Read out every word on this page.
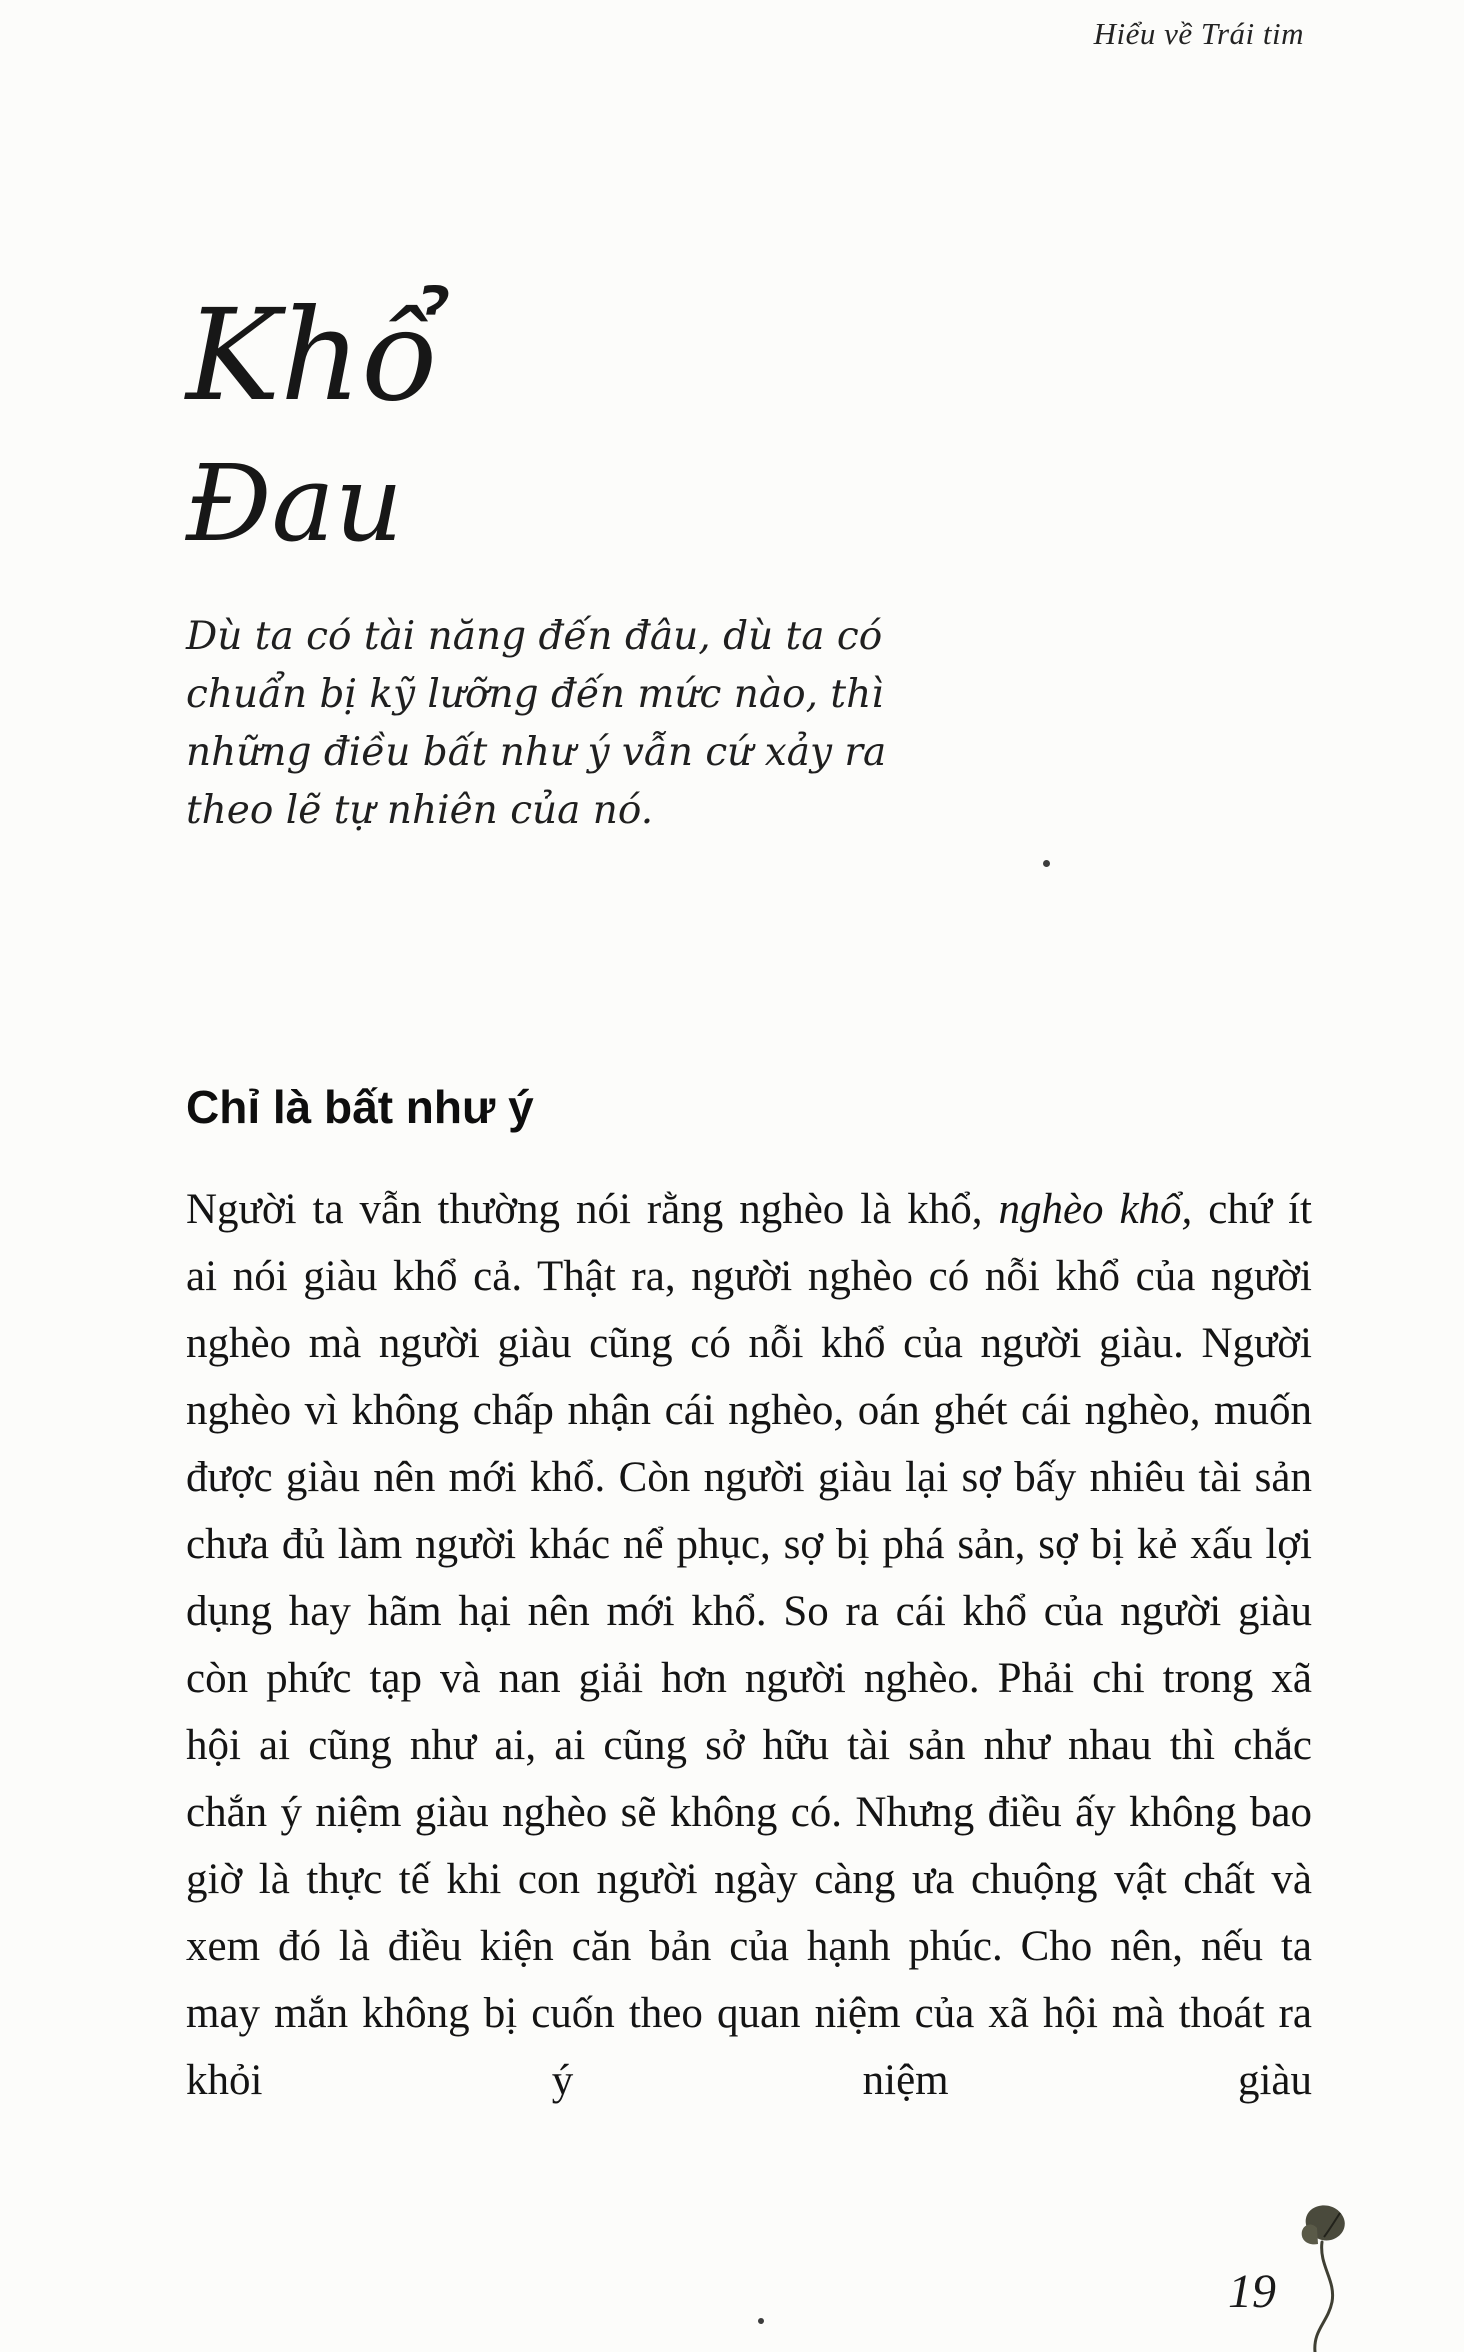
Hiểu về Trái tim
Khổ
Đau
Dù ta có tài năng đến đâu, dù ta có
chuẩn bị kỹ lưỡng đến mức nào, thì
những điều bất như ý vẫn cứ xảy ra
theo lẽ tự nhiên của nó.
Chỉ là bất như ý

Người ta vẫn thường nói rằng nghèo là khổ, nghèo khổ, chứ ít ai nói giàu khổ cả. Thật ra, người nghèo có nỗi khổ của người nghèo mà người giàu cũng có nỗi khổ của người giàu. Người nghèo vì không chấp nhận cái nghèo, oán ghét cái nghèo, muốn được giàu nên mới khổ. Còn người giàu lại sợ bấy nhiêu tài sản chưa đủ làm người khác nể phục, sợ bị phá sản, sợ bị kẻ xấu lợi dụng hay hãm hại nên mới khổ. So ra cái khổ của người giàu còn phức tạp và nan giải hơn người nghèo. Phải chi trong xã hội ai cũng như ai, ai cũng sở hữu tài sản như nhau thì chắc chắn ý niệm giàu nghèo sẽ không có. Nhưng điều ấy không bao giờ là thực tế khi con người ngày càng ưa chuộng vật chất và xem đó là điều kiện căn bản của hạnh phúc. Cho nên, nếu ta may mắn không bị cuốn theo quan niệm của xã hội mà thoát ra khỏi ý niệm giàu

19
